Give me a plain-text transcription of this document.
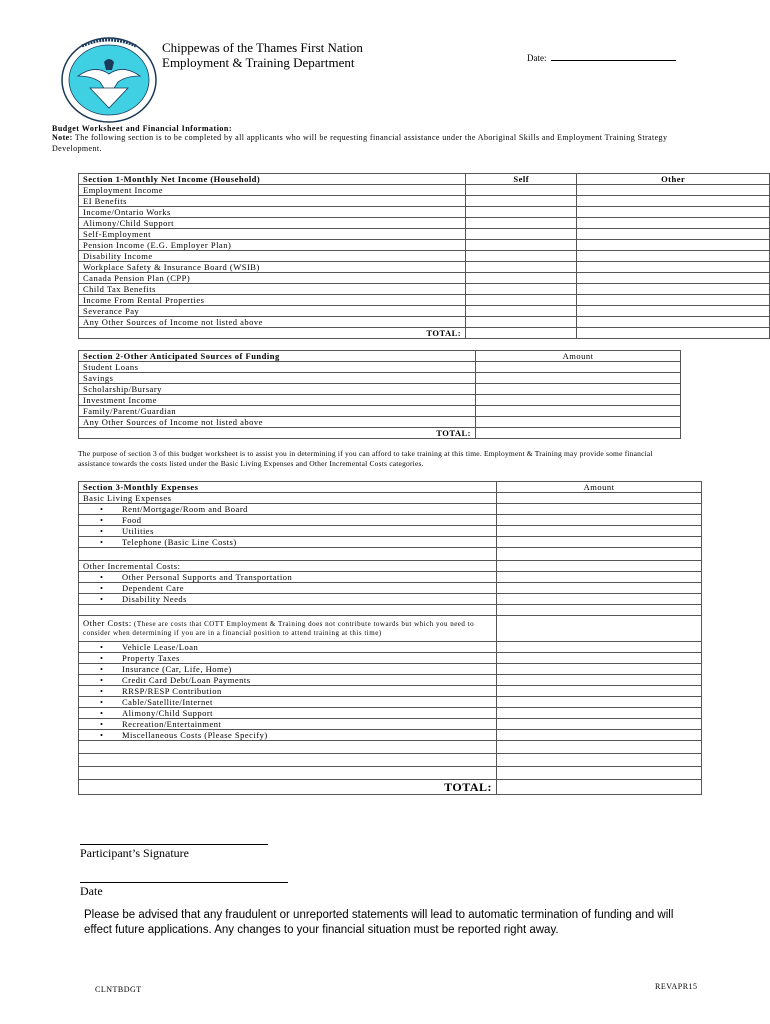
Chippewas of the Thames First Nation
Employment & Training Department	Date:
Budget Worksheet and Financial Information:
Note: The following section is to be completed by all applicants who will be requesting financial assistance under the Aboriginal Skills and Employment Training Strategy Development.
Section 1-Monthly Net Income (Household)	Self	Other
Employment Income		
EI Benefits		
Income/Ontario Works		
Alimony/Child Support		
Self-Employment		
Pension Income (E.G. Employer Plan)		
Disability Income		
Workplace Safety & Insurance Board (WSIB)		
Canada Pension Plan (CPP)		
Child Tax Benefits		
Income From Rental Properties		
Severance Pay		
Any Other Sources of Income not listed above		
TOTAL:		
Section 2-Other Anticipated Sources of Funding	Amount
Student Loans	
Savings	
Scholarship/Bursary	
Investment Income	
Family/Parent/Guardian	
Any Other Sources of Income not listed above	
TOTAL:	
The purpose of section 3 of this budget worksheet is to assist you in determining if you can afford to take training at this time. Employment & Training may provide some financial assistance towards the costs listed under the Basic Living Expenses and Other Incremental Costs categories.
Section 3-Monthly Expenses	Amount
Basic Living Expenses	
• Rent/Mortgage/Room and Board	
• Food	
• Utilities	
• Telephone (Basic Line Costs)	

Other Incremental Costs:	
• Other Personal Supports and Transportation	
• Dependent Care	
• Disability Needs	

Other Costs: (These are costs that COTT Employment & Training does not contribute towards but which you need to consider when determining if you are in a financial position to attend training at this time)	
• Vehicle Lease/Loan	
• Property Taxes	
• Insurance (Car, Life, Home)	
• Credit Card Debt/Loan Payments	
• RRSP/RESP Contribution	
• Cable/Satellite/Internet	
• Alimony/Child Support	
• Recreation/Entertainment	
• Miscellaneous Costs (Please Specify)	

TOTAL:	
Participant’s Signature
Date
Please be advised that any fraudulent or unreported statements will lead to automatic termination of funding and will effect future applications. Any changes to your financial situation must be reported right away.
CLNTBDGT	REVAPR15
